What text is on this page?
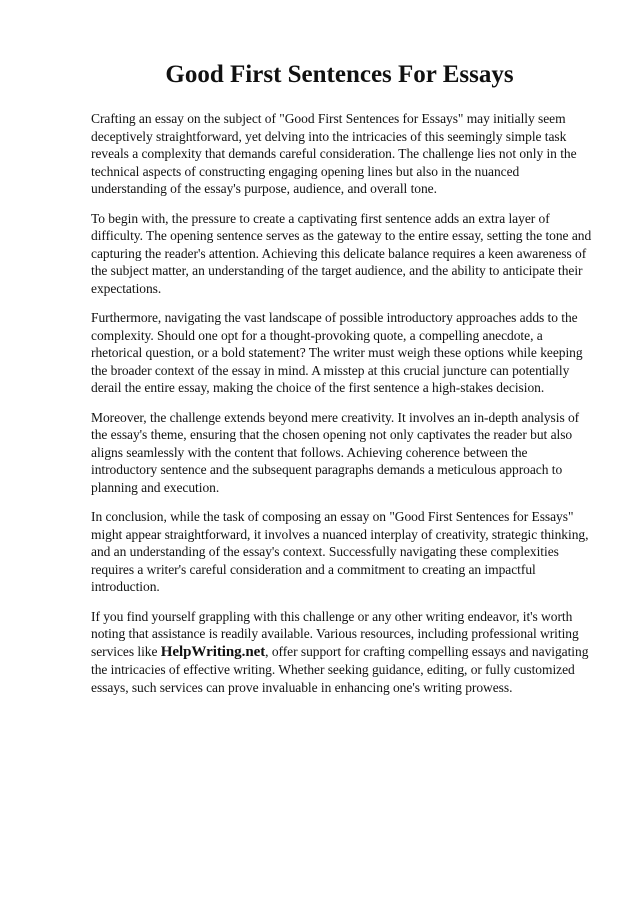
Good First Sentences For Essays

Crafting an essay on the subject of "Good First Sentences for Essays" may initially seem deceptively straightforward, yet delving into the intricacies of this seemingly simple task reveals a complexity that demands careful consideration. The challenge lies not only in the technical aspects of constructing engaging opening lines but also in the nuanced understanding of the essay's purpose, audience, and overall tone.

To begin with, the pressure to create a captivating first sentence adds an extra layer of difficulty. The opening sentence serves as the gateway to the entire essay, setting the tone and capturing the reader's attention. Achieving this delicate balance requires a keen awareness of the subject matter, an understanding of the target audience, and the ability to anticipate their expectations.

Furthermore, navigating the vast landscape of possible introductory approaches adds to the complexity. Should one opt for a thought-provoking quote, a compelling anecdote, a rhetorical question, or a bold statement? The writer must weigh these options while keeping the broader context of the essay in mind. A misstep at this crucial juncture can potentially derail the entire essay, making the choice of the first sentence a high-stakes decision.

Moreover, the challenge extends beyond mere creativity. It involves an in-depth analysis of the essay's theme, ensuring that the chosen opening not only captivates the reader but also aligns seamlessly with the content that follows. Achieving coherence between the introductory sentence and the subsequent paragraphs demands a meticulous approach to planning and execution.

In conclusion, while the task of composing an essay on "Good First Sentences for Essays" might appear straightforward, it involves a nuanced interplay of creativity, strategic thinking, and an understanding of the essay's context. Successfully navigating these complexities requires a writer's careful consideration and a commitment to creating an impactful introduction.

If you find yourself grappling with this challenge or any other writing endeavor, it's worth noting that assistance is readily available. Various resources, including professional writing services like HelpWriting.net, offer support for crafting compelling essays and navigating the intricacies of effective writing. Whether seeking guidance, editing, or fully customized essays, such services can prove invaluable in enhancing one's writing prowess.
